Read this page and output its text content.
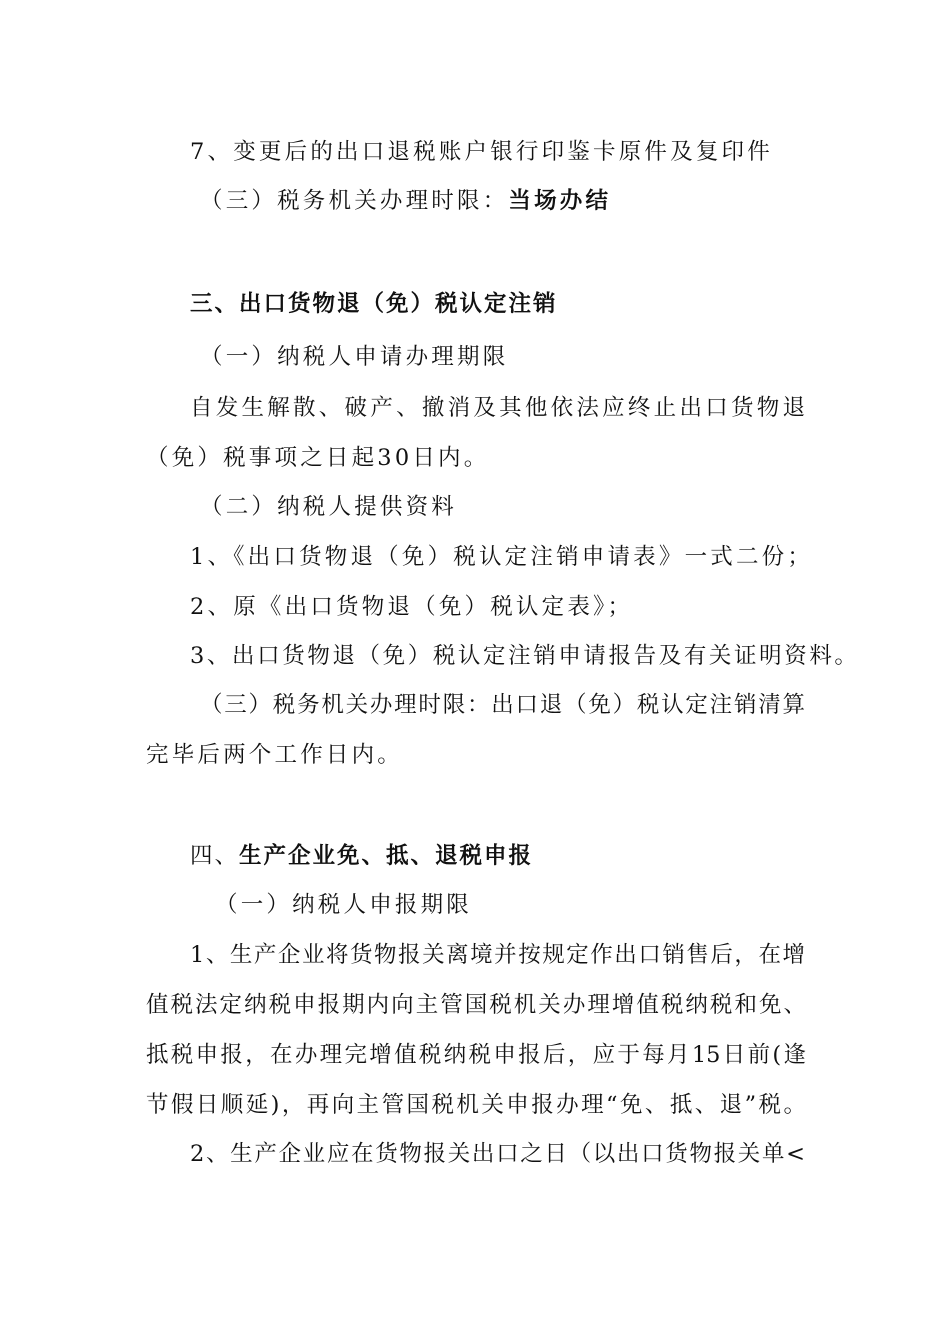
7、变更后的出口退税账户银行印鉴卡原件及复印件
（三）税务机关办理时限：当场办结
三、出口货物退（免）税认定注销
（一）纳税人申请办理期限
自发生解散、破产、撤消及其他依法应终止出口货物退
（免）税事项之日起30日内。
（二）纳税人提供资料
1、《出口货物退（免）税认定注销申请表》一式二份；
2、原《出口货物退（免）税认定表》；
3、出口货物退（免）税认定注销申请报告及有关证明资料。
（三）税务机关办理时限：出口退（免）税认定注销清算
完毕后两个工作日内。
四、生产企业免、抵、退税申报
（一）纳税人申报期限
1、生产企业将货物报关离境并按规定作出口销售后，在增
值税法定纳税申报期内向主管国税机关办理增值税纳税和免、
抵税申报，在办理完增值税纳税申报后，应于每月15日前(逢
节假日顺延)，再向主管国税机关申报办理“免、抵、退”税。
2、生产企业应在货物报关出口之日（以出口货物报关单<
